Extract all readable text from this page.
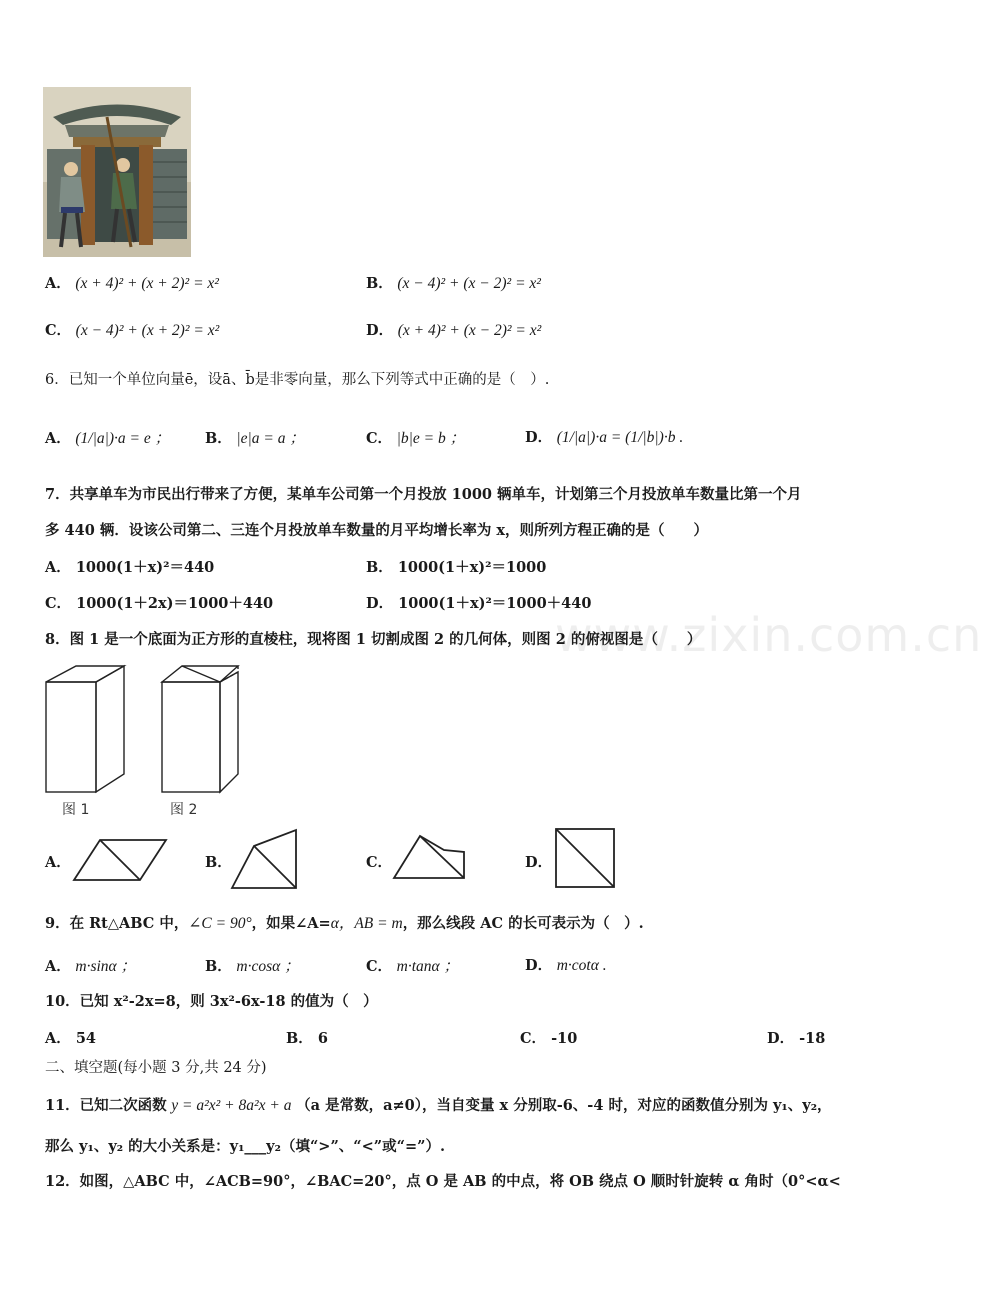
www.zixin.com.cn
A． (x + 4)² + (x + 2)² = x²	B． (x − 4)² + (x − 2)² = x²
C． (x − 4)² + (x + 2)² = x²	D． (x + 4)² + (x − 2)² = x²
6．已知一个单位向量ē，设ā、b̄是非零向量，那么下列等式中正确的是（　）.
A． (1/|a|)·a = e ； B． |e|a = a ；	C． |b|e = b ；	D． (1/|a|)·a = (1/|b|)·b .
7．共享单车为市民出行带来了方便，某单车公司第一个月投放 1000 辆单车，计划第三个月投放单车数量比第一个月
多 440 辆．设该公司第二、三连个月投放单车数量的月平均增长率为 x，则所列方程正确的是（　　）
A． 1000(1＋x)²＝440	B． 1000(1＋x)²＝1000
C． 1000(1＋2x)＝1000＋440	D． 1000(1＋x)²＝1000＋440
8．图 1 是一个底面为正方形的直棱柱，现将图 1 切割成图 2 的几何体，则图 2 的俯视图是（　　）
图 1	图 2
A．	B．	C．	D．
9．在 Rt△ABC 中，∠C = 90°，如果∠A=α，AB = m，那么线段 AC 的长可表示为（　）.
A． m·sinα ；	B． m·cosα ；	C． m·tanα ；	D． m·cotα .
10．已知 x²-2x=8，则 3x²-6x-18 的值为（　）
A． 54	B． 6	C． -10	D． -18
二、填空题(每小题 3 分,共 24 分)
11．已知二次函数 y = a²x² + 8a²x + a （a 是常数，a≠0），当自变量 x 分别取-6、-4 时，对应的函数值分别为 y₁、y₂，
那么 y₁、y₂ 的大小关系是：y₁___y₂（填“>”、“<”或“=”）.
12．如图，△ABC 中，∠ACB=90°，∠BAC=20°，点 O 是 AB 的中点，将 OB 绕点 O 顺时针旋转 α 角时（0°<α<
